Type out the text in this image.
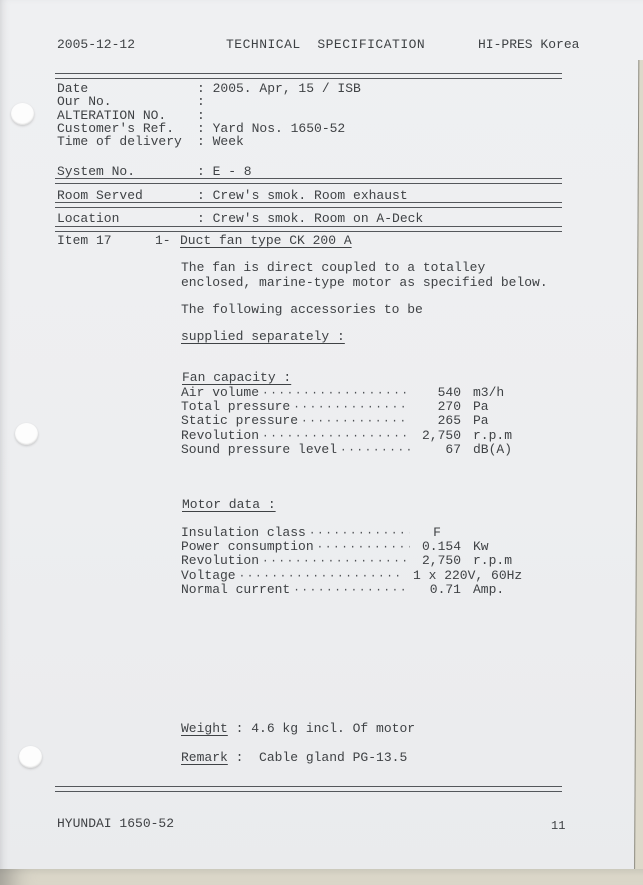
2005-12-12	TECHNICAL  SPECIFICATION	HI-PRES Korea
Date	: 2005. Apr, 15 / ISB
Our No.	:
ALTERATION NO.	:
Customer's Ref.	: Yard Nos. 1650-52
Time of delivery	: Week
System No.	: E - 8
Room Served	: Crew's smok. Room exhaust
Location	: Crew's smok. Room on A-Deck
Item 17	1- Duct fan type CK 200 A
The fan is direct coupled to a totalley
enclosed, marine-type motor as specified below.
The following accessories to be
supplied separately :
Fan capacity :
Air volume ·····	540 m3/h
Total pressure ·····	270 Pa
Static pressure ·····	265 Pa
Revolution ·····	2,750 r.p.m
Sound pressure level ·····	67 dB(A)
Motor data :
Insulation class ·····	F
Power consumption ·····	0.154 Kw
Revolution ·····	2,750 r.p.m
Voltage ·····	1 x 220V, 60Hz
Normal current ·····	0.71 Amp.
Weight : 4.6 kg incl. Of motor
Remark :  Cable gland PG-13.5
HYUNDAI 1650-52	11
